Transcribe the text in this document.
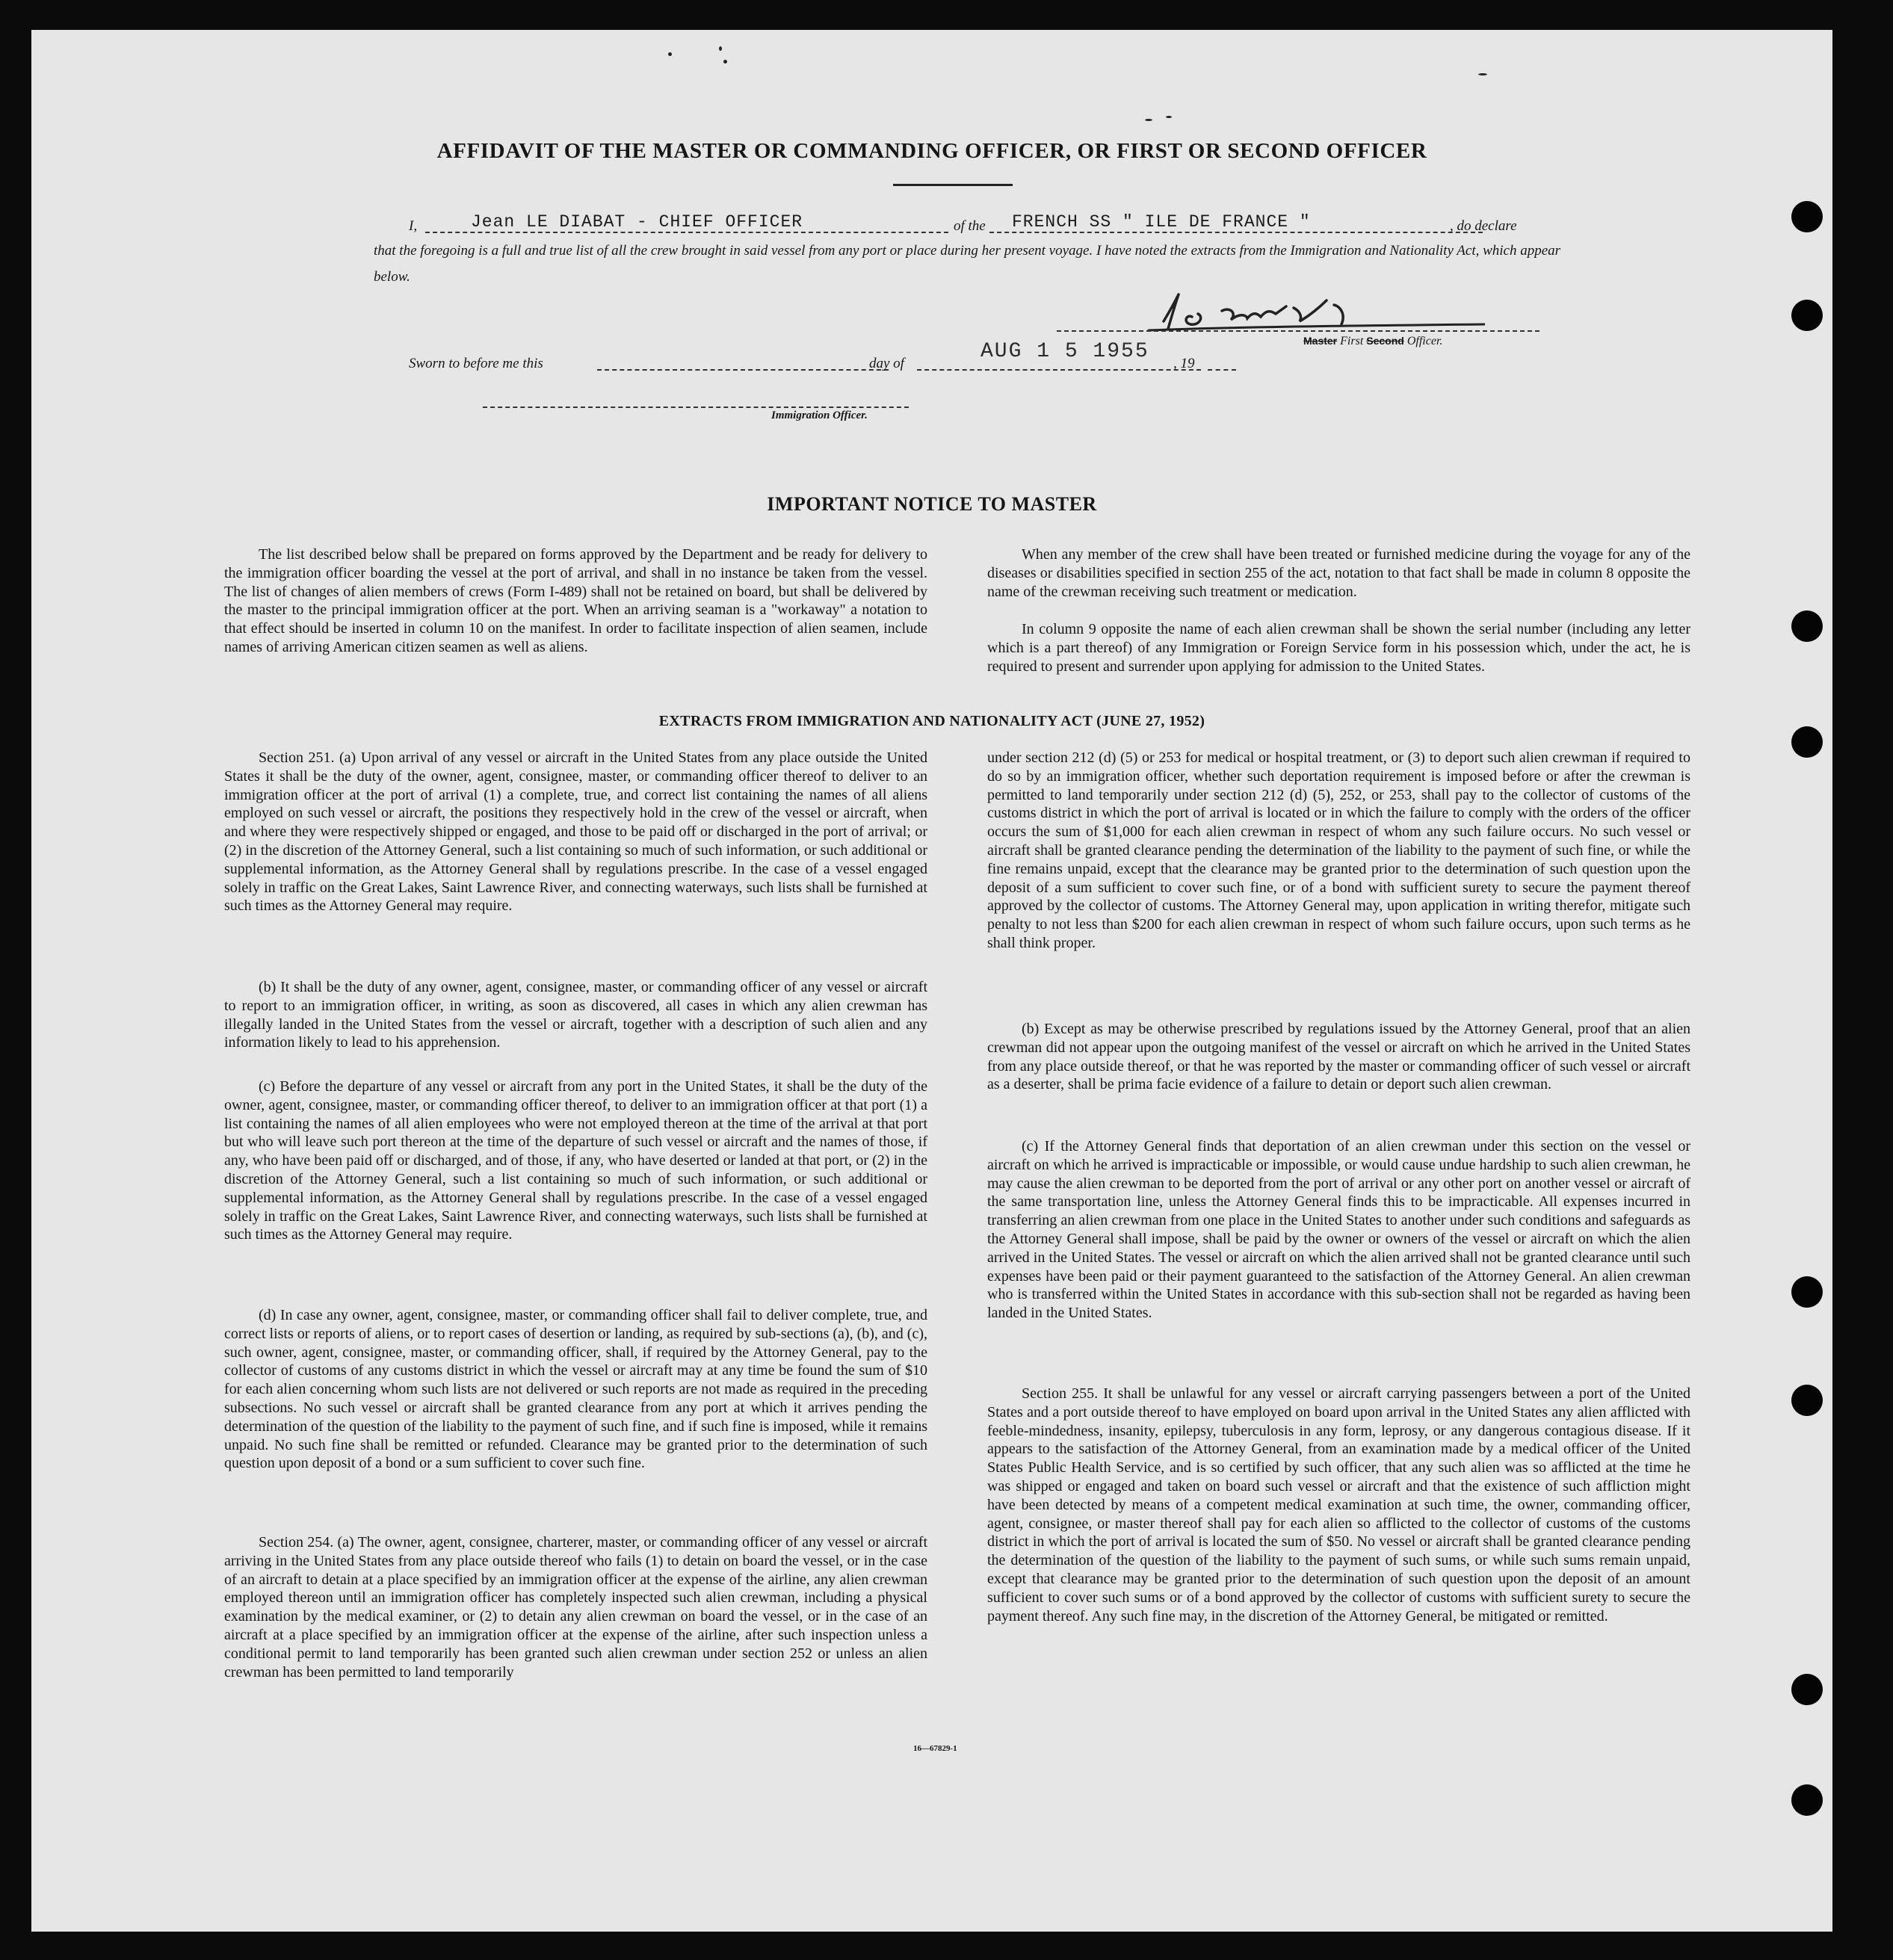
AFFIDAVIT OF THE MASTER OR COMMANDING OFFICER, OR FIRST OR SECOND OFFICER
I,	Jean LE DIABAT - CHIEF OFFICER	of the FRENCH SS " ILE DE FRANCE "	, do declare
that the foregoing is a full and true list of all the crew brought in said vessel from any port or place during her present voyage. I have noted the extracts from the Immigration and Nationality Act, which appear below.
Master First Second Officer.
Sworn to before me this	day of
AUG 1 5 1955
, 19
Immigration Officer.
IMPORTANT NOTICE TO MASTER

The list described below shall be prepared on forms approved by the Department and be ready for delivery to the immigration officer boarding the vessel at the port of arrival, and shall in no instance be taken from the vessel. The list of changes of alien members of crews (Form I-489) shall not be retained on board, but shall be delivered by the master to the principal immigration officer at the port. When an arriving seaman is a "workaway" a notation to that effect should be inserted in column 10 on the manifest. In order to facilitate inspection of alien seamen, include names of arriving American citizen seamen as well as aliens.

When any member of the crew shall have been treated or furnished medicine during the voyage for any of the diseases or disabilities specified in section 255 of the act, notation to that fact shall be made in column 8 opposite the name of the crewman receiving such treatment or medication.

In column 9 opposite the name of each alien crewman shall be shown the serial number (including any letter which is a part thereof) of any Immigration or Foreign Service form in his possession which, under the act, he is required to present and surrender upon applying for admission to the United States.

EXTRACTS FROM IMMIGRATION AND NATIONALITY ACT (JUNE 27, 1952)

Section 251. (a) Upon arrival of any vessel or aircraft in the United States from any place outside the United States it shall be the duty of the owner, agent, consignee, master, or commanding officer thereof to deliver to an immigration officer at the port of arrival (1) a complete, true, and correct list containing the names of all aliens employed on such vessel or aircraft, the positions they respectively hold in the crew of the vessel or aircraft, when and where they were respectively shipped or engaged, and those to be paid off or discharged in the port of arrival; or (2) in the discretion of the Attorney General, such a list containing so much of such information, or such additional or supplemental information, as the Attorney General shall by regulations prescribe. In the case of a vessel engaged solely in traffic on the Great Lakes, Saint Lawrence River, and connecting waterways, such lists shall be furnished at such times as the Attorney General may require.

(b) It shall be the duty of any owner, agent, consignee, master, or commanding officer of any vessel or aircraft to report to an immigration officer, in writing, as soon as discovered, all cases in which any alien crewman has illegally landed in the United States from the vessel or aircraft, together with a description of such alien and any information likely to lead to his apprehension.

(c) Before the departure of any vessel or aircraft from any port in the United States, it shall be the duty of the owner, agent, consignee, master, or commanding officer thereof, to deliver to an immigration officer at that port (1) a list containing the names of all alien employees who were not employed thereon at the time of the arrival at that port but who will leave such port thereon at the time of the departure of such vessel or aircraft and the names of those, if any, who have been paid off or discharged, and of those, if any, who have deserted or landed at that port, or (2) in the discretion of the Attorney General, such a list containing so much of such information, or such additional or supplemental information, as the Attorney General shall by regulations prescribe. In the case of a vessel engaged solely in traffic on the Great Lakes, Saint Lawrence River, and connecting waterways, such lists shall be furnished at such times as the Attorney General may require.

(d) In case any owner, agent, consignee, master, or commanding officer shall fail to deliver complete, true, and correct lists or reports of aliens, or to report cases of desertion or landing, as required by sub-sections (a), (b), and (c), such owner, agent, consignee, master, or commanding officer, shall, if required by the Attorney General, pay to the collector of customs of any customs district in which the vessel or aircraft may at any time be found the sum of $10 for each alien concerning whom such lists are not delivered or such reports are not made as required in the preceding subsections. No such vessel or aircraft shall be granted clearance from any port at which it arrives pending the determination of the question of the liability to the payment of such fine, and if such fine is imposed, while it remains unpaid. No such fine shall be remitted or refunded. Clearance may be granted prior to the determination of such question upon deposit of a bond or a sum sufficient to cover such fine.

Section 254. (a) The owner, agent, consignee, charterer, master, or commanding officer of any vessel or aircraft arriving in the United States from any place outside thereof who fails (1) to detain on board the vessel, or in the case of an aircraft to detain at a place specified by an immigration officer at the expense of the airline, any alien crewman employed thereon until an immigration officer has completely inspected such alien crewman, including a physical examination by the medical examiner, or (2) to detain any alien crewman on board the vessel, or in the case of an aircraft at a place specified by an immigration officer at the expense of the airline, after such inspection unless a conditional permit to land temporarily has been granted such alien crewman under section 252 or unless an alien crewman has been permitted to land temporarily

under section 212 (d) (5) or 253 for medical or hospital treatment, or (3) to deport such alien crewman if required to do so by an immigration officer, whether such deportation requirement is imposed before or after the crewman is permitted to land temporarily under section 212 (d) (5), 252, or 253, shall pay to the collector of customs of the customs district in which the port of arrival is located or in which the failure to comply with the orders of the officer occurs the sum of $1,000 for each alien crewman in respect of whom any such failure occurs. No such vessel or aircraft shall be granted clearance pending the determination of the liability to the payment of such fine, or while the fine remains unpaid, except that the clearance may be granted prior to the determination of such question upon the deposit of a sum sufficient to cover such fine, or of a bond with sufficient surety to secure the payment thereof approved by the collector of customs. The Attorney General may, upon application in writing therefor, mitigate such penalty to not less than $200 for each alien crewman in respect of whom such failure occurs, upon such terms as he shall think proper.

(b) Except as may be otherwise prescribed by regulations issued by the Attorney General, proof that an alien crewman did not appear upon the outgoing manifest of the vessel or aircraft on which he arrived in the United States from any place outside thereof, or that he was reported by the master or commanding officer of such vessel or aircraft as a deserter, shall be prima facie evidence of a failure to detain or deport such alien crewman.

(c) If the Attorney General finds that deportation of an alien crewman under this section on the vessel or aircraft on which he arrived is impracticable or impossible, or would cause undue hardship to such alien crewman, he may cause the alien crewman to be deported from the port of arrival or any other port on another vessel or aircraft of the same transportation line, unless the Attorney General finds this to be impracticable. All expenses incurred in transferring an alien crewman from one place in the United States to another under such conditions and safeguards as the Attorney General shall impose, shall be paid by the owner or owners of the vessel or aircraft on which the alien arrived in the United States. The vessel or aircraft on which the alien arrived shall not be granted clearance until such expenses have been paid or their payment guaranteed to the satisfaction of the Attorney General. An alien crewman who is transferred within the United States in accordance with this sub-section shall not be regarded as having been landed in the United States.

Section 255. It shall be unlawful for any vessel or aircraft carrying passengers between a port of the United States and a port outside thereof to have employed on board upon arrival in the United States any alien afflicted with feeble-mindedness, insanity, epilepsy, tuberculosis in any form, leprosy, or any dangerous contagious disease. If it appears to the satisfaction of the Attorney General, from an examination made by a medical officer of the United States Public Health Service, and is so certified by such officer, that any such alien was so afflicted at the time he was shipped or engaged and taken on board such vessel or aircraft and that the existence of such affliction might have been detected by means of a competent medical examination at such time, the owner, commanding officer, agent, consignee, or master thereof shall pay for each alien so afflicted to the collector of customs of the customs district in which the port of arrival is located the sum of $50. No vessel or aircraft shall be granted clearance pending the determination of the question of the liability to the payment of such sums, or while such sums remain unpaid, except that clearance may be granted prior to the determination of such question upon the deposit of an amount sufficient to cover such sums or of a bond approved by the collector of customs with sufficient surety to secure the payment thereof. Any such fine may, in the discretion of the Attorney General, be mitigated or remitted.

16—67829-1
